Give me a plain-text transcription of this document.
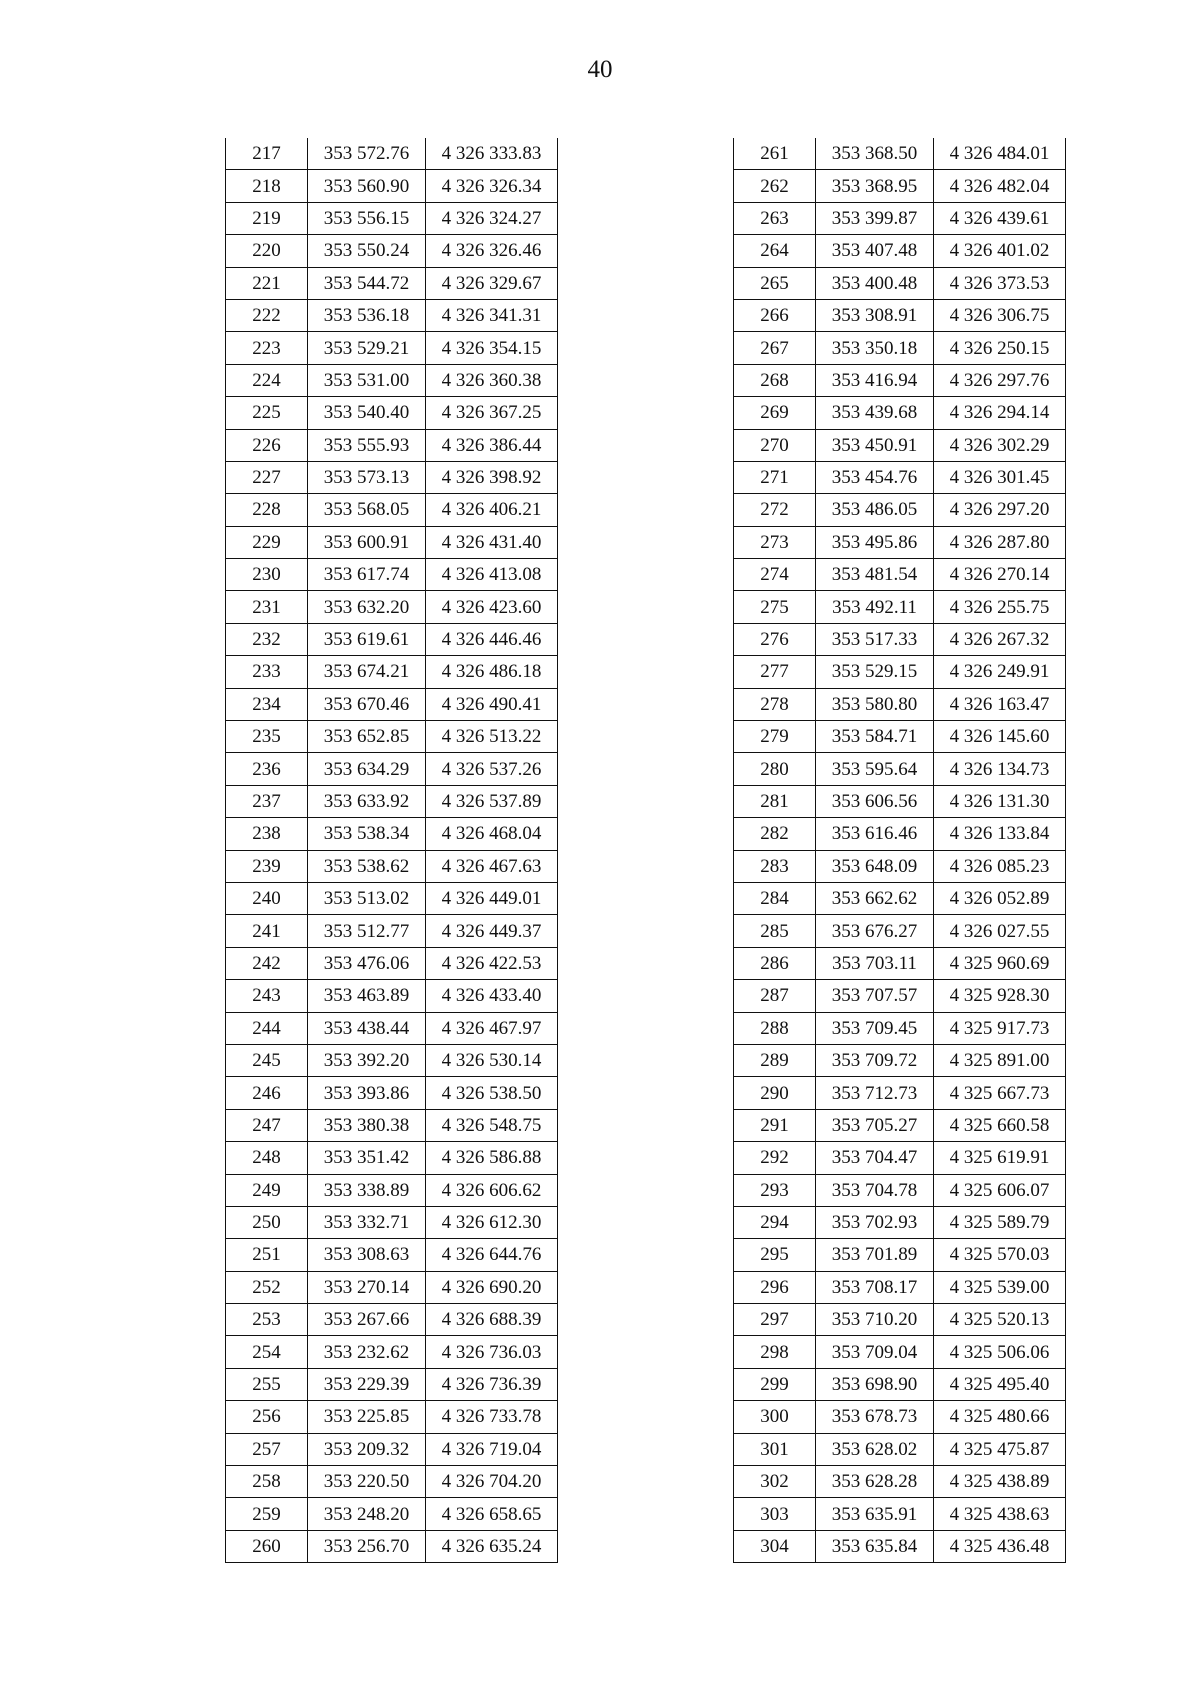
40
217	353 572.76	4 326 333.83
218	353 560.90	4 326 326.34
219	353 556.15	4 326 324.27
220	353 550.24	4 326 326.46
221	353 544.72	4 326 329.67
222	353 536.18	4 326 341.31
223	353 529.21	4 326 354.15
224	353 531.00	4 326 360.38
225	353 540.40	4 326 367.25
226	353 555.93	4 326 386.44
227	353 573.13	4 326 398.92
228	353 568.05	4 326 406.21
229	353 600.91	4 326 431.40
230	353 617.74	4 326 413.08
231	353 632.20	4 326 423.60
232	353 619.61	4 326 446.46
233	353 674.21	4 326 486.18
234	353 670.46	4 326 490.41
235	353 652.85	4 326 513.22
236	353 634.29	4 326 537.26
237	353 633.92	4 326 537.89
238	353 538.34	4 326 468.04
239	353 538.62	4 326 467.63
240	353 513.02	4 326 449.01
241	353 512.77	4 326 449.37
242	353 476.06	4 326 422.53
243	353 463.89	4 326 433.40
244	353 438.44	4 326 467.97
245	353 392.20	4 326 530.14
246	353 393.86	4 326 538.50
247	353 380.38	4 326 548.75
248	353 351.42	4 326 586.88
249	353 338.89	4 326 606.62
250	353 332.71	4 326 612.30
251	353 308.63	4 326 644.76
252	353 270.14	4 326 690.20
253	353 267.66	4 326 688.39
254	353 232.62	4 326 736.03
255	353 229.39	4 326 736.39
256	353 225.85	4 326 733.78
257	353 209.32	4 326 719.04
258	353 220.50	4 326 704.20
259	353 248.20	4 326 658.65
260	353 256.70	4 326 635.24
261	353 368.50	4 326 484.01
262	353 368.95	4 326 482.04
263	353 399.87	4 326 439.61
264	353 407.48	4 326 401.02
265	353 400.48	4 326 373.53
266	353 308.91	4 326 306.75
267	353 350.18	4 326 250.15
268	353 416.94	4 326 297.76
269	353 439.68	4 326 294.14
270	353 450.91	4 326 302.29
271	353 454.76	4 326 301.45
272	353 486.05	4 326 297.20
273	353 495.86	4 326 287.80
274	353 481.54	4 326 270.14
275	353 492.11	4 326 255.75
276	353 517.33	4 326 267.32
277	353 529.15	4 326 249.91
278	353 580.80	4 326 163.47
279	353 584.71	4 326 145.60
280	353 595.64	4 326 134.73
281	353 606.56	4 326 131.30
282	353 616.46	4 326 133.84
283	353 648.09	4 326 085.23
284	353 662.62	4 326 052.89
285	353 676.27	4 326 027.55
286	353 703.11	4 325 960.69
287	353 707.57	4 325 928.30
288	353 709.45	4 325 917.73
289	353 709.72	4 325 891.00
290	353 712.73	4 325 667.73
291	353 705.27	4 325 660.58
292	353 704.47	4 325 619.91
293	353 704.78	4 325 606.07
294	353 702.93	4 325 589.79
295	353 701.89	4 325 570.03
296	353 708.17	4 325 539.00
297	353 710.20	4 325 520.13
298	353 709.04	4 325 506.06
299	353 698.90	4 325 495.40
300	353 678.73	4 325 480.66
301	353 628.02	4 325 475.87
302	353 628.28	4 325 438.89
303	353 635.91	4 325 438.63
304	353 635.84	4 325 436.48
